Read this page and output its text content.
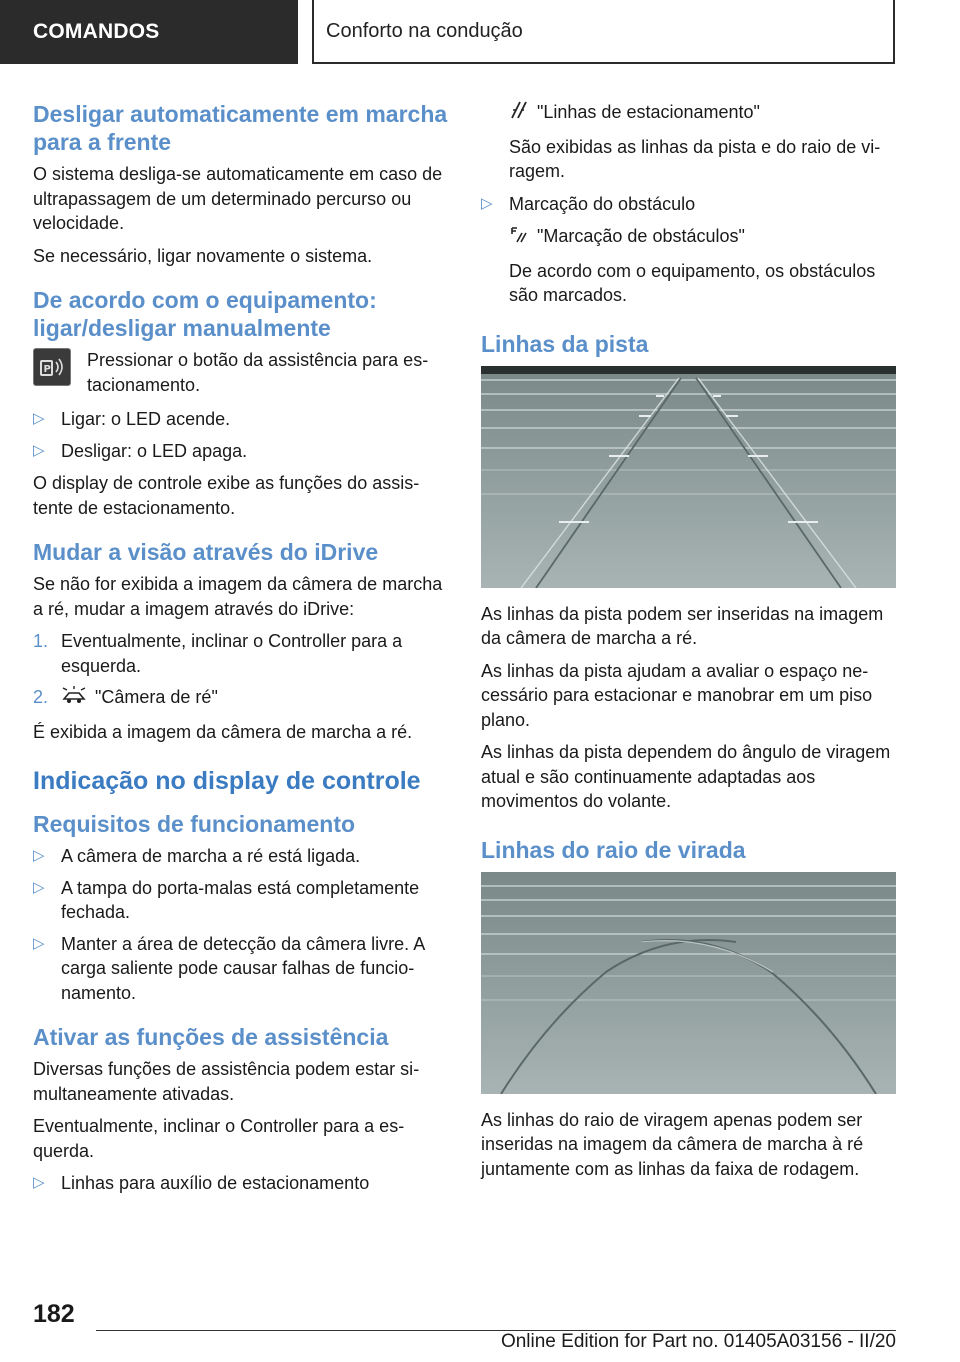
COMANDOS	Conforto na condução
Desligar automaticamente em marcha para a frente

O sistema desliga-se automaticamente em caso de ultrapassagem de um determinado percurso ou velocidade.

Se necessário, ligar novamente o sistema.

De acordo com o equipamento: ligar/desligar manualmente
P Pressionar o botão da assistência para estacionamento.

▷ Ligar: o LED acende.
▷ Desligar: o LED apaga.

O display de controle exibe as funções do assistente de estacionamento.

Mudar a visão através do iDrive

Se não for exibida a imagem da câmera de marcha a ré, mudar a imagem através do iDrive:

1. Eventualmente, inclinar o Controller para a esquerda.
2.	"Câmera de ré"

É exibida a imagem da câmera de marcha a ré.

Indicação no display de controle
Requisitos de funcionamento
▷ A câmera de marcha a ré está ligada.
▷ A tampa do porta-malas está completamente fechada.
▷ Manter a área de detecção da câmera livre. A carga saliente pode causar falhas de funcionamento.
Ativar as funções de assistência

Diversas funções de assistência podem estar simultaneamente ativadas.

Eventualmente, inclinar o Controller para a esquerda.

▷ Linhas para auxílio de estacionamento
"Linhas de estacionamento"
São exibidas as linhas da pista e do raio de viragem.
▷ Marcação do obstáculo
"Marcação de obstáculos"
De acordo com o equipamento, os obstáculos são marcados.
Linhas da pista

As linhas da pista podem ser inseridas na imagem da câmera de marcha a ré.

As linhas da pista ajudam a avaliar o espaço necessário para estacionar e manobrar em um piso plano.

As linhas da pista dependem do ângulo de viragem atual e são continuamente adaptadas aos movimentos do volante.

Linhas do raio de virada

As linhas do raio de viragem apenas podem ser inseridas na imagem da câmera de marcha à ré juntamente com as linhas da faixa de rodagem.

182
Online Edition for Part no. 01405A03156 - II/20
